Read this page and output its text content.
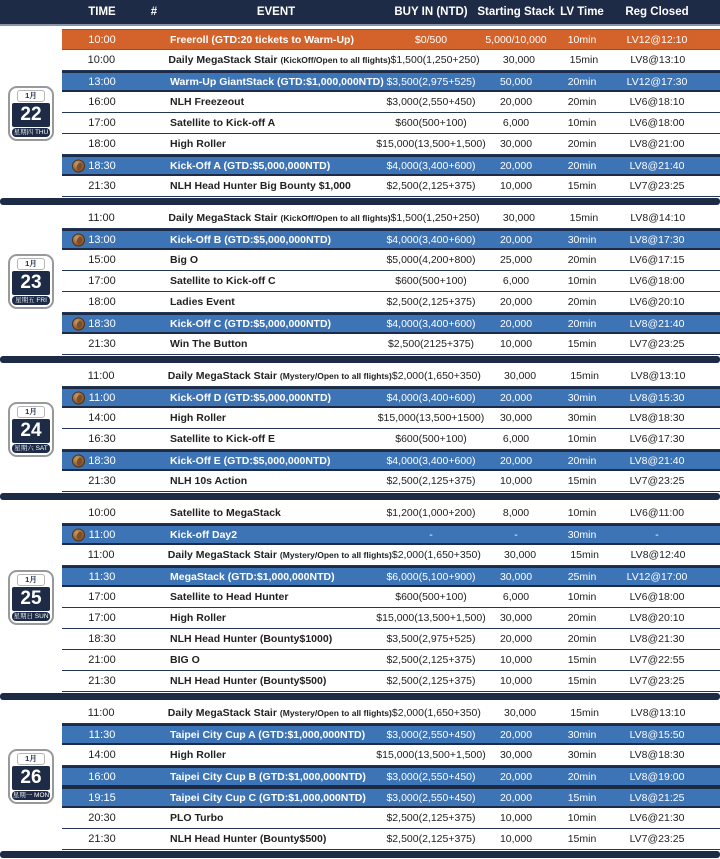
TIME	#	EVENT	BUY IN (NTD) Starting Stack LV Time	Reg Closed
1月
22
星期四 THU
10:00	Freeroll (GTD:20 tickets to Warm-Up)	$0/500	5,000/10,000 10min	LV12@12:10
10:00	Daily MegaStack Stair (KickOff/Open to all flights) $1,500(1,250+250) 30,000	15min	LV8@13:10
13:00	Warm-Up GiantStack (GTD:$1,000,000NTD) $3,500(2,975+525) 50,000	20min	LV12@17:30
16:00	NLH Freezeout	$3,000(2,550+450) 20,000	20min	LV6@18:10
17:00	Satellite to Kick-off A	$600(500+100)	6,000	10min	LV6@18:00
18:00	High Roller	$15,000(13,500+1,500) 30,000	20min	LV8@21:00
18:30	Kick-Off A (GTD:$5,000,000NTD)	$4,000(3,400+600) 20,000	20min	LV8@21:40
21:30	NLH Head Hunter Big Bounty $1,000	$2,500(2,125+375) 10,000	15min	LV7@23:25
1月
23
星期五 FRI
11:00	Daily MegaStack Stair (KickOff/Open to all flights) $1,500(1,250+250) 30,000	15min	LV8@14:10
13:00	Kick-Off B (GTD:$5,000,000NTD)	$4,000(3,400+600) 20,000	30min	LV8@17:30
15:00	Big O	$5,000(4,200+800) 25,000	20min	LV6@17:15
17:00	Satellite to Kick-off C	$600(500+100)	6,000	10min	LV6@18:00
18:00	Ladies Event	$2,500(2,125+375) 20,000	20min	LV6@20:10
18:30	Kick-Off C (GTD:$5,000,000NTD)	$4,000(3,400+600) 20,000	20min	LV8@21:40
21:30	Win The Button	$2,500(2125+375) 10,000	15min	LV7@23:25
1月
24
星期六 SAT
11:00	Daily MegaStack Stair (Mystery/Open to all flights) $2,000(1,650+350) 30,000	15min	LV8@13:10
11:00	Kick-Off D (GTD:$5,000,000NTD)	$4,000(3,400+600) 20,000	30min	LV8@15:30
14:00	High Roller	$15,000(13,500+1500) 30,000	30min	LV8@18:30
16:30	Satellite to Kick-off E	$600(500+100)	6,000	10min	LV6@17:30
18:30	Kick-Off E (GTD:$5,000,000NTD)	$4,000(3,400+600) 20,000	20min	LV8@21:40
21:30	NLH 10s Action	$2,500(2,125+375) 10,000	15min	LV7@23:25
1月
25
星期日 SUN
10:00	Satellite to MegaStack	$1,200(1,000+200)	8,000	10min	LV6@11:00
11:00	Kick-off Day2	-	-	30min	-
11:00	Daily MegaStack Stair (Mystery/Open to all flights) $2,000(1,650+350) 30,000	15min	LV8@12:40
11:30	MegaStack (GTD:$1,000,000NTD)	$6,000(5,100+900) 30,000	25min	LV12@17:00
17:00	Satellite to Head Hunter	$600(500+100)	6,000	10min	LV6@18:00
17:00	High Roller	$15,000(13,500+1,500) 30,000	20min	LV8@20:10
18:30	NLH Head Hunter (Bounty$1000)	$3,500(2,975+525) 20,000	20min	LV8@21:30
21:00	BIG O	$2,500(2,125+375) 10,000	15min	LV7@22:55
21:30	NLH Head Hunter (Bounty$500)	$2,500(2,125+375) 10,000	15min	LV7@23:25
1月
26
星期一 MON
11:00	Daily MegaStack Stair (Mystery/Open to all flights) $2,000(1,650+350) 30,000	15min	LV8@13:10
11:30	Taipei City Cup A (GTD:$1,000,000NTD) $3,000(2,550+450) 20,000	30min	LV8@15:50
14:00	High Roller	$15,000(13,500+1,500) 30,000	30min	LV8@18:30
16:00	Taipei City Cup B (GTD:$1,000,000NTD) $3,000(2,550+450) 20,000	20min	LV8@19:00
19:15	Taipei City Cup C (GTD:$1,000,000NTD) $3,000(2,550+450) 20,000	15min	LV8@21:25
20:30	PLO Turbo	$2,500(2,125+375) 10,000	10min	LV6@21:30
21:30	NLH Head Hunter (Bounty$500)	$2,500(2,125+375) 10,000	15min	LV7@23:25
